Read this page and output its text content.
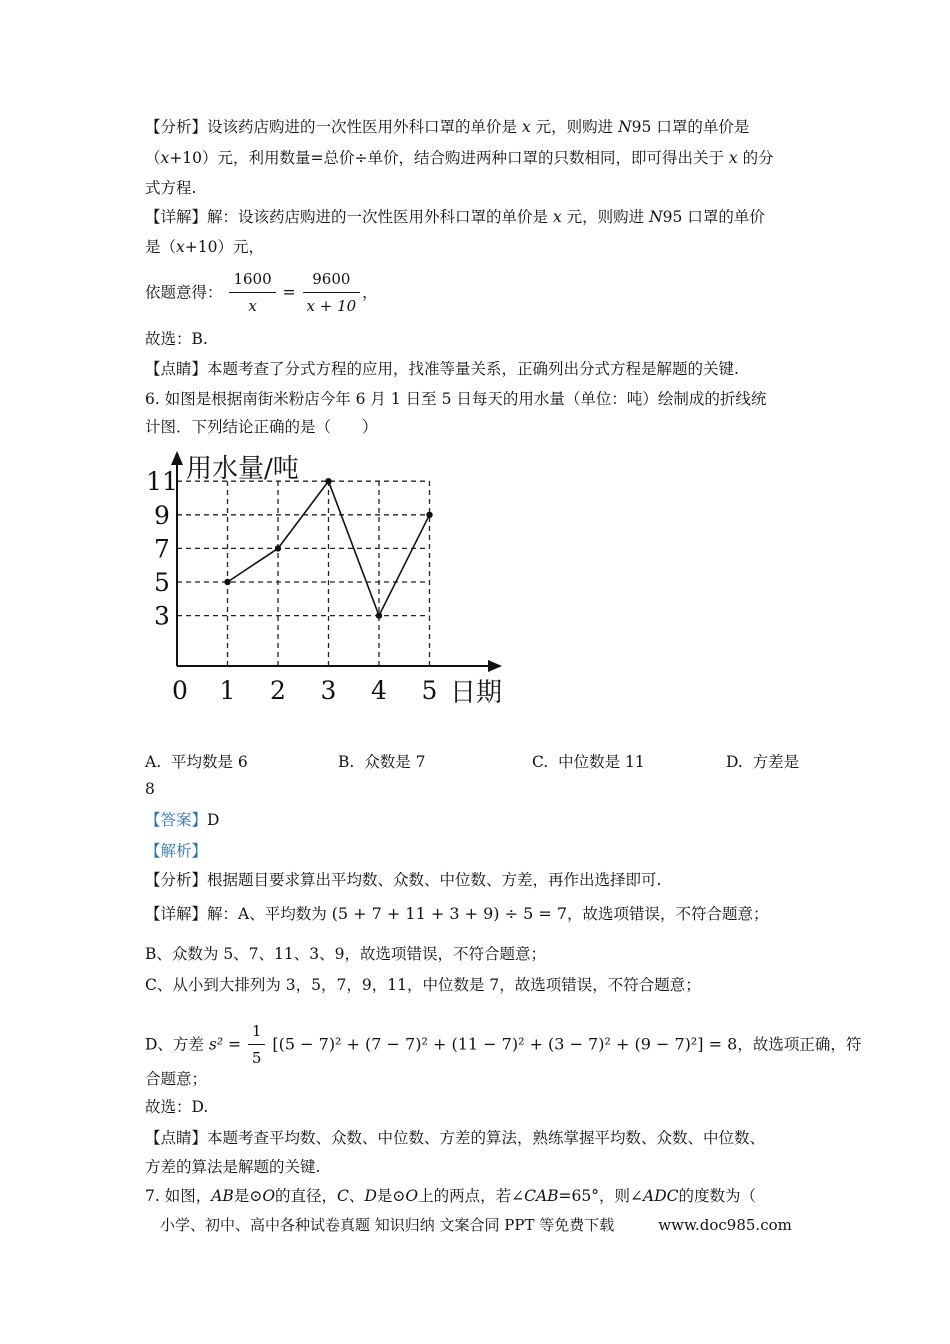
【分析】设该药店购进的一次性医用外科口罩的单价是 x 元，则购进 N95 口罩的单价是
（x+10）元，利用数量=总价÷单价，结合购进两种口罩的只数相同，即可得出关于 x 的分
式方程.
【详解】解：设该药店购进的一次性医用外科口罩的单价是 x 元，则购进 N95 口罩的单价
是（x+10）元，
依题意得： $\frac{1600}{x} = \frac{9600}{x + 10}$ ，
故选：B.
【点睛】本题考查了分式方程的应用，找准等量关系，正确列出分式方程是解题的关键.
6. 如图是根据南街米粉店今年 6 月 1 日至 5 日每天的用水量（单位：吨）绘制成的折线统
计图．下列结论正确的是（　　）
3
5
7
9
11
1 2 3 4 5
0
用水量/吨
日期
A. 平均数是 6	B. 众数是 7	C. 中位数是 11	D. 方差是
8
【答案】D
【解析】
【分析】根据题目要求算出平均数、众数、中位数、方差，再作出选择即可.
【详解】解：A、平均数为 (5 + 7 + 11 + 3 + 9) ÷ 5 = 7，故选项错误，不符合题意；
B、众数为 5、7、11、3、9，故选项错误，不符合题意；
C、从小到大排列为 3，5，7，9，11，中位数是 7，故选项错误，不符合题意；
D、方差 $s^2 = \frac{1}{5} [(5 - 7)^2 + (7 - 7)^2 + (11 - 7)^2 + (3 - 7)^2 + (9 - 7)^2] = 8$，故选项正确，符
合题意；
故选：D.
【点睛】本题考查平均数、众数、中位数、方差的算法，熟练掌握平均数、众数、中位数、
方差的算法是解题的关键.
7. 如图，AB是⊙O的直径，C、D是⊙O上的两点，若∠CAB=65°，则∠ADC的度数为（
小学、初中、高中各种试卷真题 知识归纳 文案合同 PPT 等免费下载	www.doc985.com
